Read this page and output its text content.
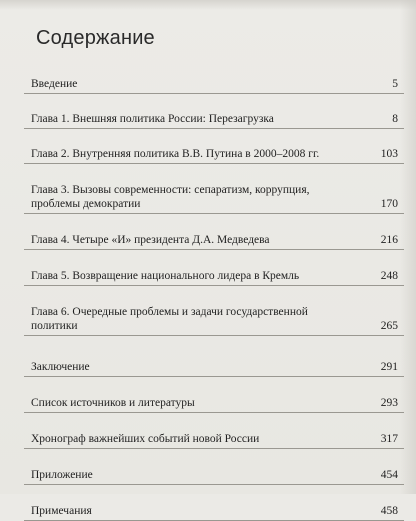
Содержание
Введение	5
Глава 1. Внешняя политика России: Перезагрузка	8
Глава 2. Внутренняя политика В.В. Путина в 2000–2008 гг.	103
Глава 3. Вызовы современности: сепаратизм, коррупция,
проблемы демократии	170
Глава 4. Четыре «И» президента Д.А. Медведева	216
Глава 5. Возвращение национального лидера в Кремль	248
Глава 6. Очередные проблемы и задачи государственной
политики	265
Заключение	291
Список источников и литературы	293
Хронограф важнейших событий новой России	317
Приложение	454
Примечания	458
